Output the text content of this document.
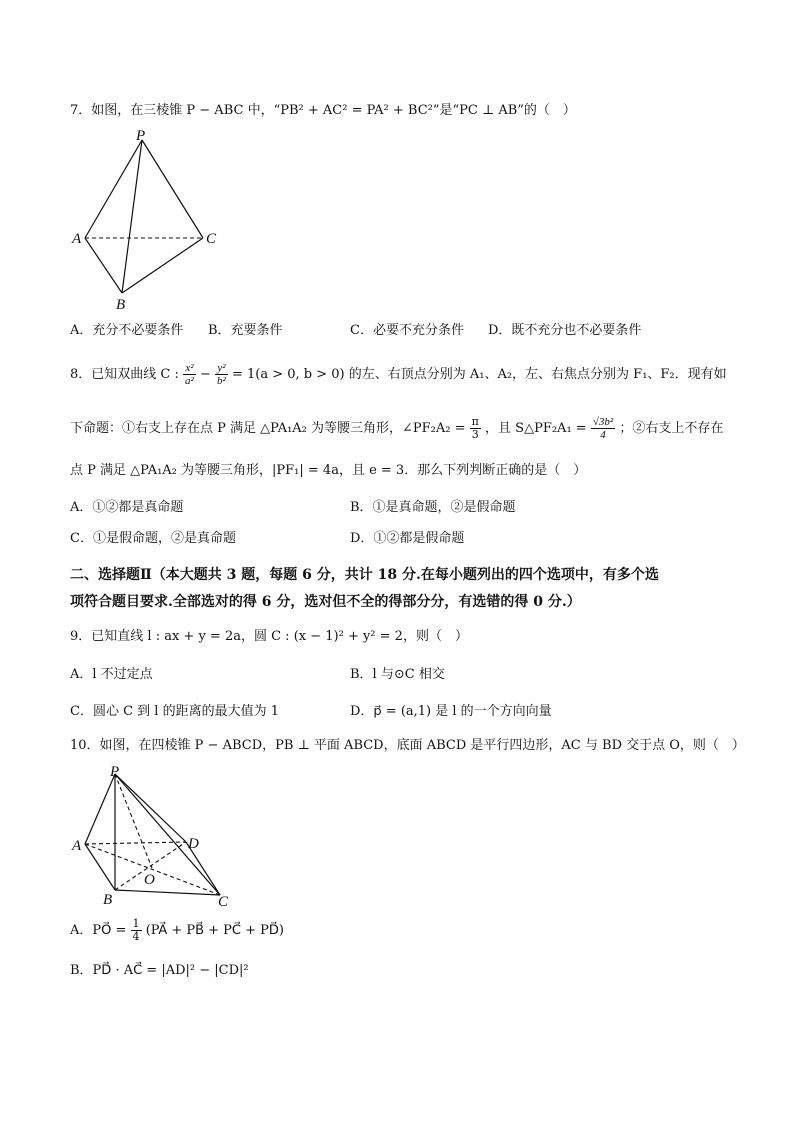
7．如图，在三棱锥 P − ABC 中，“PB² + AC² = PA² + BC²”是“PC ⊥ AB”的（　）
P
A	C
B
A．充分不必要条件 B．充要条件	C．必要不充分条件 D．既不充分也不必要条件
8．已知双曲线 C : $\frac{\text{x²}}{\text{a²}} - \frac{\text{y²}}{\text{b²}} = 1(a > 0$, b > 0) 的左、右顶点分别为 A₁、A₂，左、右焦点分别为 F₁、F₂．现有如
下命题：①右支上存在点 P 满足 △PA₁A₂ 为等腰三角形，∠PF₂A₂ = $\frac{\pi}{3}$ ，且 S△PF₂A₁ = $\frac{\text{√3b²}}{4}$ ；②右支上不存在
点 P 满足 △PA₁A₂ 为等腰三角形，|PF₁| = 4a，且 e = 3．那么下列判断正确的是（　）
A．①②都是真命题	B．①是真命题，②是假命题
C．①是假命题，②是真命题	D．①②都是假命题
二、选择题Ⅱ（本大题共 3 题，每题 6 分，共计 18 分.在每小题列出的四个选项中，有多个选
项符合题目要求.全部选对的得 6 分，选对但不全的得部分分，有选错的得 0 分.）
9．已知直线 l : ax + y = 2a，圆 C : (x − 1)² + y² = 2，则（　）
A．l 不过定点	B．l 与⊙C 相交
C．圆心 C 到 l 的距离的最大值为 1	D．p⃗ = (a,1) 是 l 的一个方向向量
10．如图，在四棱锥 P − ABCD，PB ⊥ 平面 ABCD，底面 ABCD 是平行四边形，AC 与 BD 交于点 O，则（　）
P
A	D
O
B	C
A．PO⃗ = $\frac{1}{4}$ (PA⃗ + PB⃗ + PC⃗ + PD⃗)
B．PD⃗ · AC⃗ = |AD|² − |CD|²
